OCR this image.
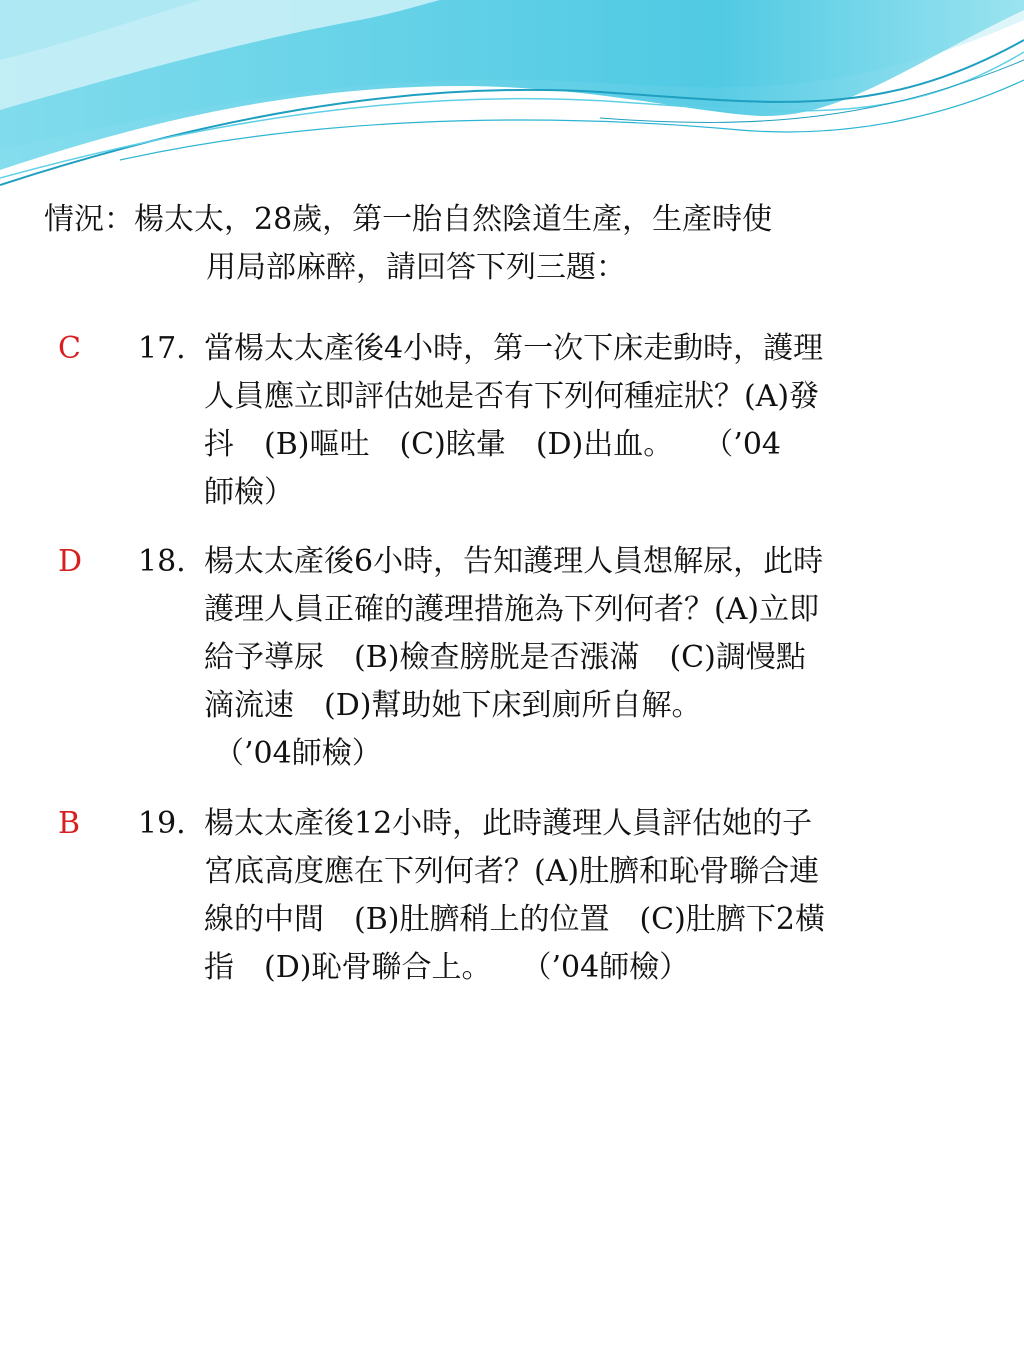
情況：楊太太，28歲，第一胎自然陰道生產，生產時使
用局部麻醉，請回答下列三題：
C 17. 當楊太太產後4小時，第一次下床走動時，護理
人員應立即評估她是否有下列何種症狀？(A)發
抖　(B)嘔吐　(C)眩暈　(D)出血。　　（’04
師檢）
D 18. 楊太太產後6小時，告知護理人員想解尿，此時
護理人員正確的護理措施為下列何者？(A)立即
給予導尿　(B)檢查膀胱是否漲滿　(C)調慢點
滴流速　(D)幫助她下床到廁所自解。
（’04師檢）
B 19. 楊太太產後12小時，此時護理人員評估她的子
宮底高度應在下列何者？(A)肚臍和恥骨聯合連
線的中間　(B)肚臍稍上的位置　(C)肚臍下2橫
指　(D)恥骨聯合上。　　（’04師檢）
